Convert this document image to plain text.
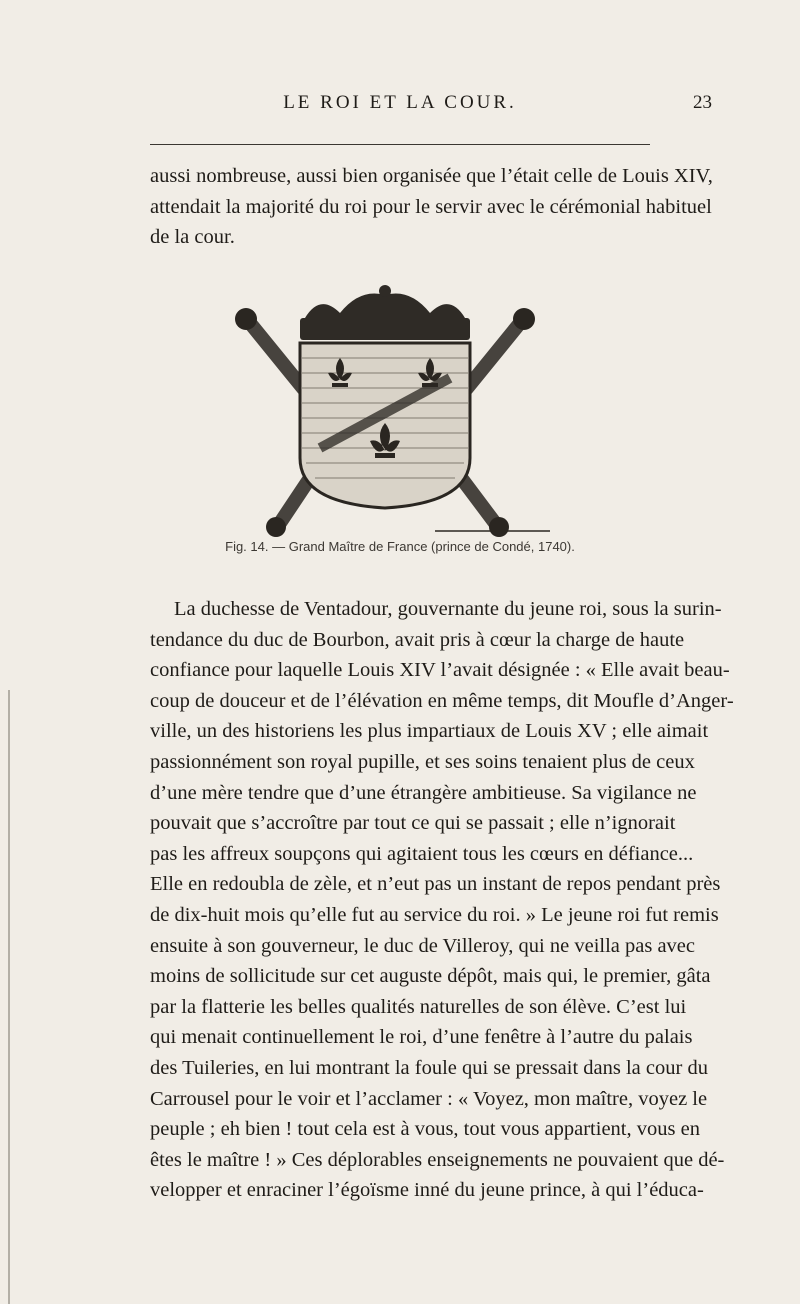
LE ROI ET LA COUR.	23
aussi nombreuse, aussi bien organisée que l’était celle de Louis XIV,
attendait la majorité du roi pour le servir avec le cérémonial habituel
de la cour.
Fig. 14. — Grand Maître de France (prince de Condé, 1740).
La duchesse de Ventadour, gouvernante du jeune roi, sous la surin-
tendance du duc de Bourbon, avait pris à cœur la charge de haute
confiance pour laquelle Louis XIV l’avait désignée : « Elle avait beau-
coup de douceur et de l’élévation en même temps, dit Moufle d’Anger-
ville, un des historiens les plus impartiaux de Louis XV ; elle aimait
passionnément son royal pupille, et ses soins tenaient plus de ceux
d’une mère tendre que d’une étrangère ambitieuse. Sa vigilance ne
pouvait que s’accroître par tout ce qui se passait ; elle n’ignorait
pas les affreux soupçons qui agitaient tous les cœurs en défiance...
Elle en redoubla de zèle, et n’eut pas un instant de repos pendant près
de dix-huit mois qu’elle fut au service du roi. » Le jeune roi fut remis
ensuite à son gouverneur, le duc de Villeroy, qui ne veilla pas avec
moins de sollicitude sur cet auguste dépôt, mais qui, le premier, gâta
par la flatterie les belles qualités naturelles de son élève. C’est lui
qui menait continuellement le roi, d’une fenêtre à l’autre du palais
des Tuileries, en lui montrant la foule qui se pressait dans la cour du
Carrousel pour le voir et l’acclamer : « Voyez, mon maître, voyez le
peuple ; eh bien ! tout cela est à vous, tout vous appartient, vous en
êtes le maître ! » Ces déplorables enseignements ne pouvaient que dé-
velopper et enraciner l’égoïsme inné du jeune prince, à qui l’éduca-
